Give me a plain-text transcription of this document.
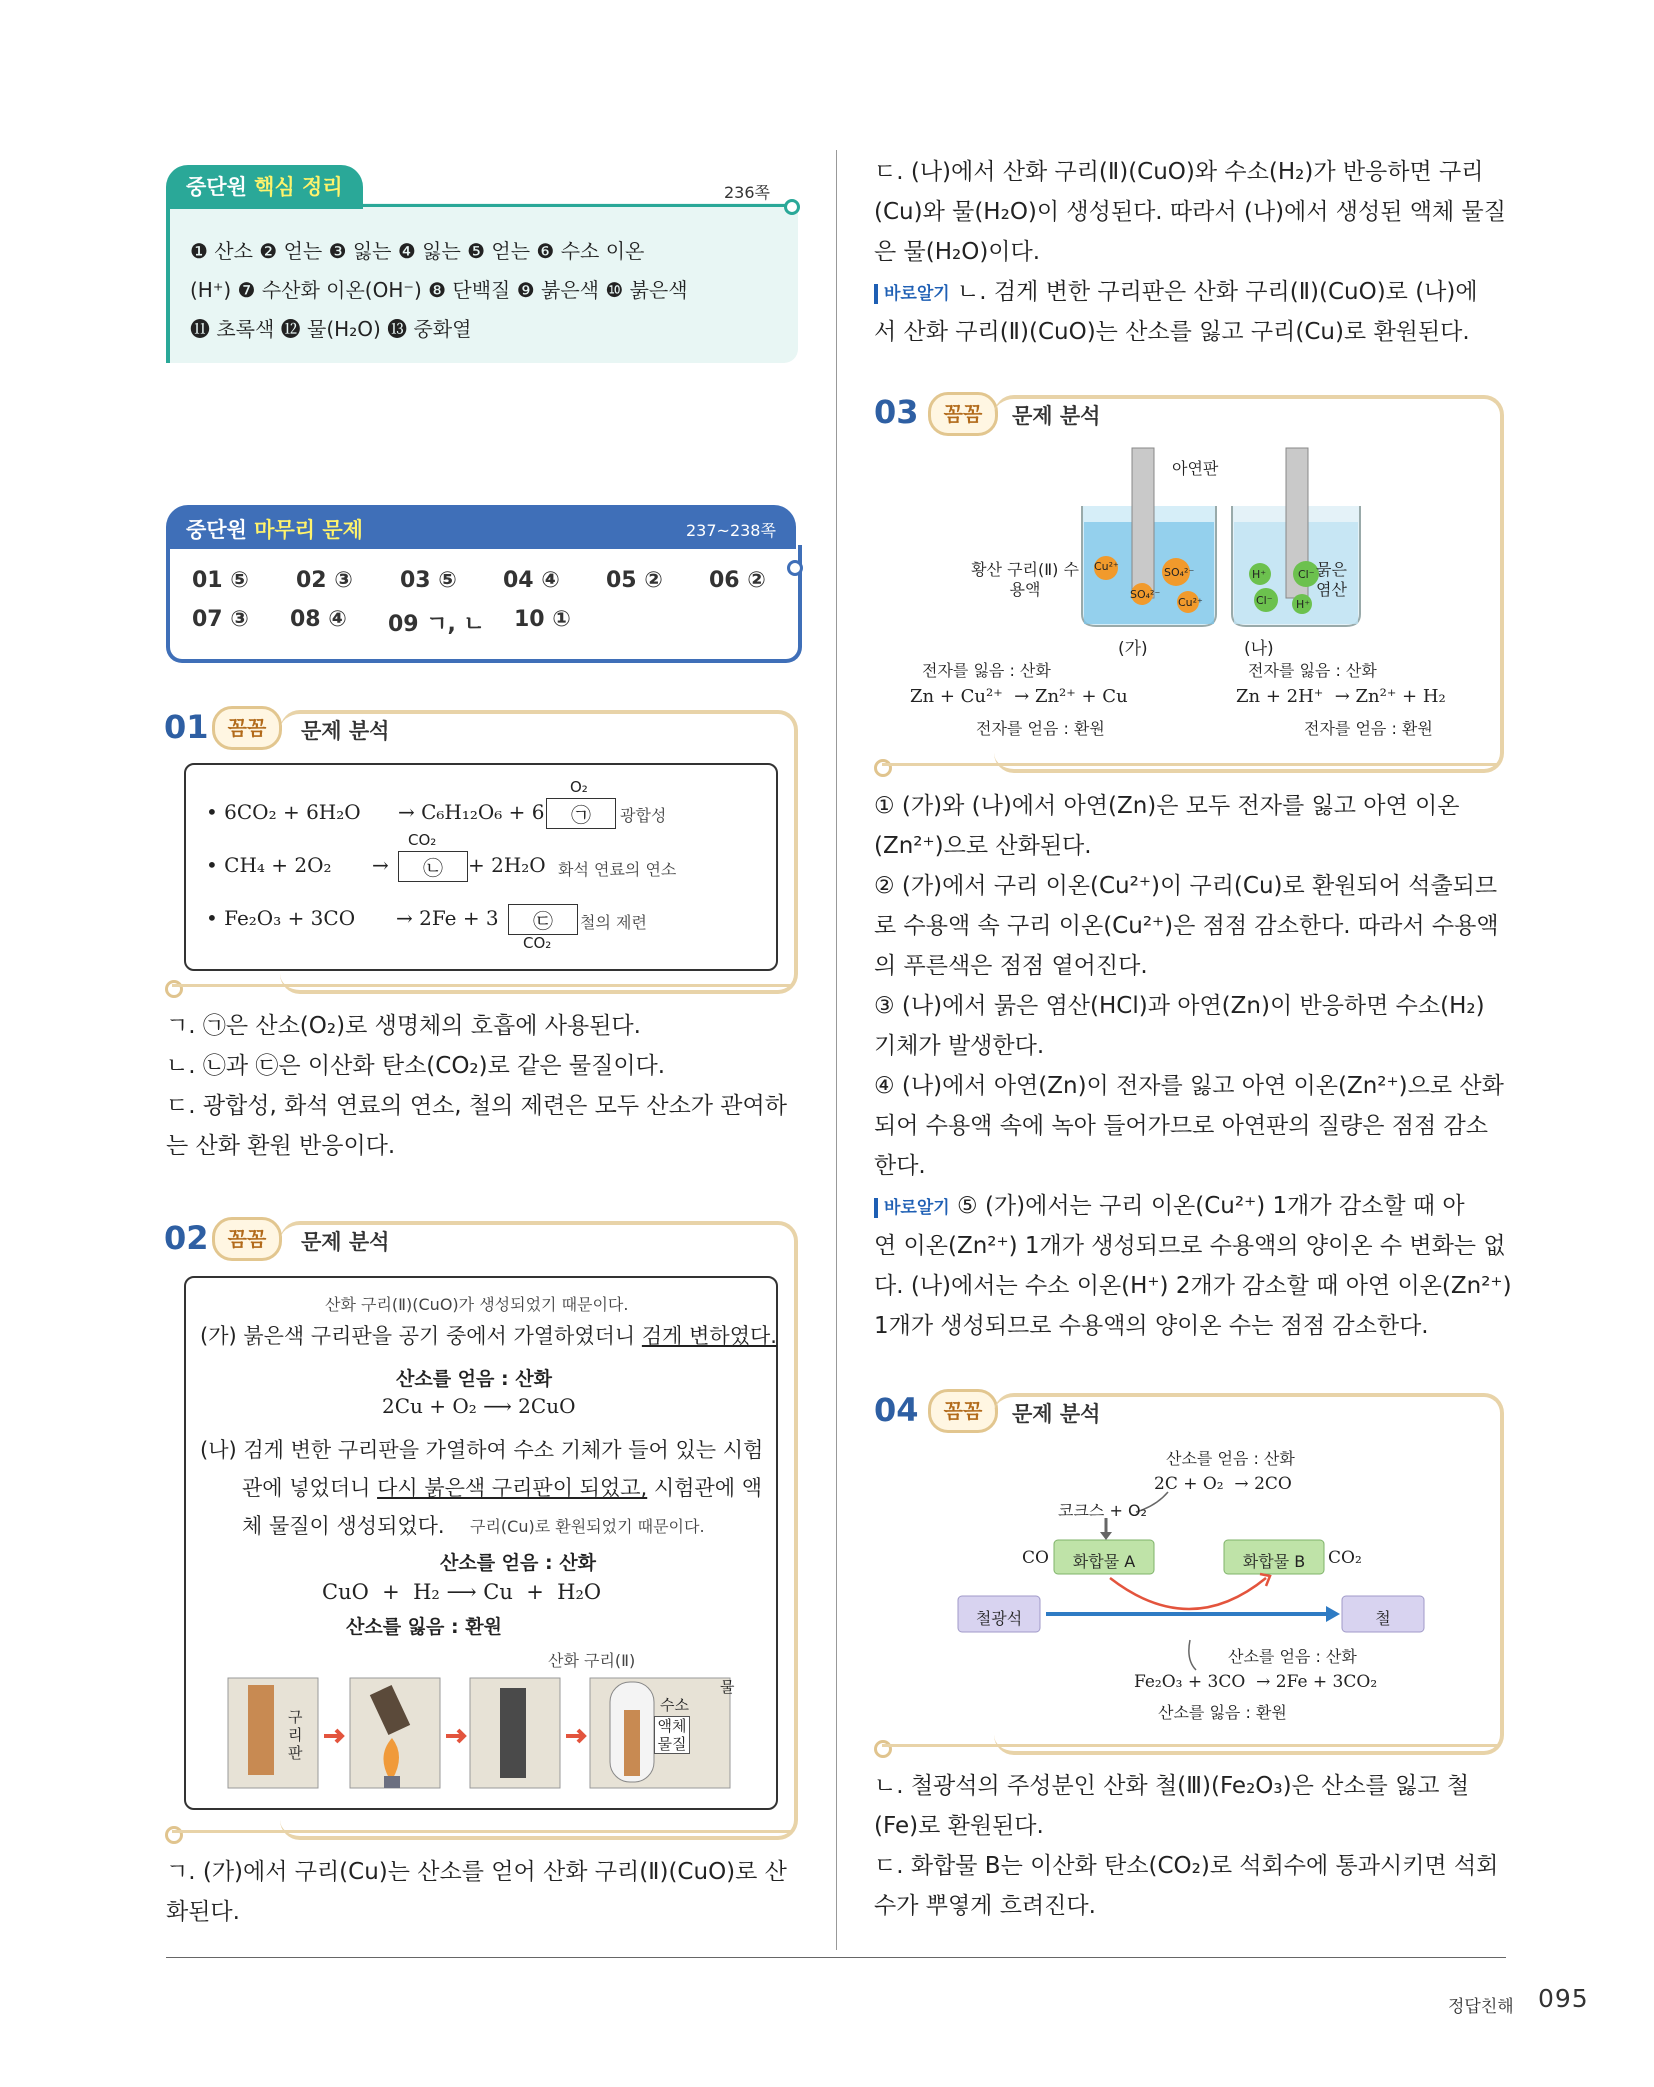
중단원 핵심 정리	236쪽
❶ 산소 ❷ 얻는 ❸ 잃는 ❹ 잃는 ❺ 얻는 ❻ 수소 이온
(H⁺) ❼ 수산화 이온(OH⁻) ❽ 단백질 ❾ 붉은색 ❿ 붉은색
⓫ 초록색 ⓬ 물(H₂O) ⓭ 중화열
중단원 마무리 문제	237~238쪽
01 ⑤ 02 ③ 03 ⑤ 04 ④ 05 ② 06 ②
07 ③ 08 ④ 09 ㄱ, ㄴ 10 ①
01 꼼꼼	문제 분석
• 6CO₂ + 6H₂O → C₆H₁₂O₆ + 6
O₂
㉠	광합성
• CH₄ + 2O₂ →
CO₂
㉡	+ 2H₂O 화석 연료의 연소
• Fe₂O₃ + 3CO → 2Fe + 3	㉢
CO₂
철의 제련
ㄱ. ㉠은 산소(O₂)로 생명체의 호흡에 사용된다.
ㄴ. ㉡과 ㉢은 이산화 탄소(CO₂)로 같은 물질이다.
ㄷ. 광합성, 화석 연료의 연소, 철의 제련은 모두 산소가 관여하
는 산화 환원 반응이다.
02 꼼꼼	문제 분석
산화 구리(Ⅱ)(CuO)가 생성되었기 때문이다.
(가) 붉은색 구리판을 공기 중에서 가열하였더니 검게 변하였다.
산소를 얻음 : 산화
2Cu + O₂ ⟶ 2CuO
(나) 검게 변한 구리판을 가열하여 수소 기체가 들어 있는 시험
관에 넣었더니 다시 붉은색 구리판이 되었고, 시험관에 액
체 물질이 생성되었다. 구리(Cu)로 환원되었기 때문이다.
산소를 얻음 : 산화
CuO  +  H₂ ⟶ Cu  +  H₂O
산소를 잃음 : 환원
구리판
산화 구리(Ⅱ)
수소
액체 물질
물
ㄱ. (가)에서 구리(Cu)는 산소를 얻어 산화 구리(Ⅱ)(CuO)로 산
화된다.
ㄷ. (나)에서 산화 구리(Ⅱ)(CuO)와 수소(H₂)가 반응하면 구리
(Cu)와 물(H₂O)이 생성된다. 따라서 (나)에서 생성된 액체 물질
은 물(H₂O)이다.
바로알기 ㄴ. 검게 변한 구리판은 산화 구리(Ⅱ)(CuO)로 (나)에
서 산화 구리(Ⅱ)(CuO)는 산소를 잃고 구리(Cu)로 환원된다.
03	꼼꼼	문제 분석
Cu²⁺	SO₄²⁻
SO₄²⁻
Cu²⁺
H⁺	Cl⁻
Cl⁻ H⁺
아연판
황산 구리(Ⅱ) 수용액
묽은 염산
(가)	(나)
전자를 잃음 : 산화
Zn + Cu²⁺  → Zn²⁺ + Cu
전자를 얻음 : 환원
전자를 잃음 : 산화
Zn + 2H⁺  → Zn²⁺ + H₂
전자를 얻음 : 환원
① (가)와 (나)에서 아연(Zn)은 모두 전자를 잃고 아연 이온
(Zn²⁺)으로 산화된다.
② (가)에서 구리 이온(Cu²⁺)이 구리(Cu)로 환원되어 석출되므
로 수용액 속 구리 이온(Cu²⁺)은 점점 감소한다. 따라서 수용액
의 푸른색은 점점 옅어진다.
③ (나)에서 묽은 염산(HCl)과 아연(Zn)이 반응하면 수소(H₂)
기체가 발생한다.
④ (나)에서 아연(Zn)이 전자를 잃고 아연 이온(Zn²⁺)으로 산화
되어 수용액 속에 녹아 들어가므로 아연판의 질량은 점점 감소
한다.
바로알기 ⑤ (가)에서는 구리 이온(Cu²⁺) 1개가 감소할 때 아
연 이온(Zn²⁺) 1개가 생성되므로 수용액의 양이온 수 변화는 없
다. (나)에서는 수소 이온(H⁺) 2개가 감소할 때 아연 이온(Zn²⁺)
1개가 생성되므로 수용액의 양이온 수는 점점 감소한다.
04	꼼꼼	문제 분석
산소를 얻음 : 산화
2C + O₂  → 2CO
코크스 + O₂
CO	화합물 A	화합물 B	CO₂
철광석	철
산소를 얻음 : 산화
Fe₂O₃ + 3CO  → 2Fe + 3CO₂
산소를 잃음 : 환원
ㄴ. 철광석의 주성분인 산화 철(Ⅲ)(Fe₂O₃)은 산소를 잃고 철
(Fe)로 환원된다.
ㄷ. 화합물 B는 이산화 탄소(CO₂)로 석회수에 통과시키면 석회
수가 뿌옇게 흐려진다.
정답친해 095
